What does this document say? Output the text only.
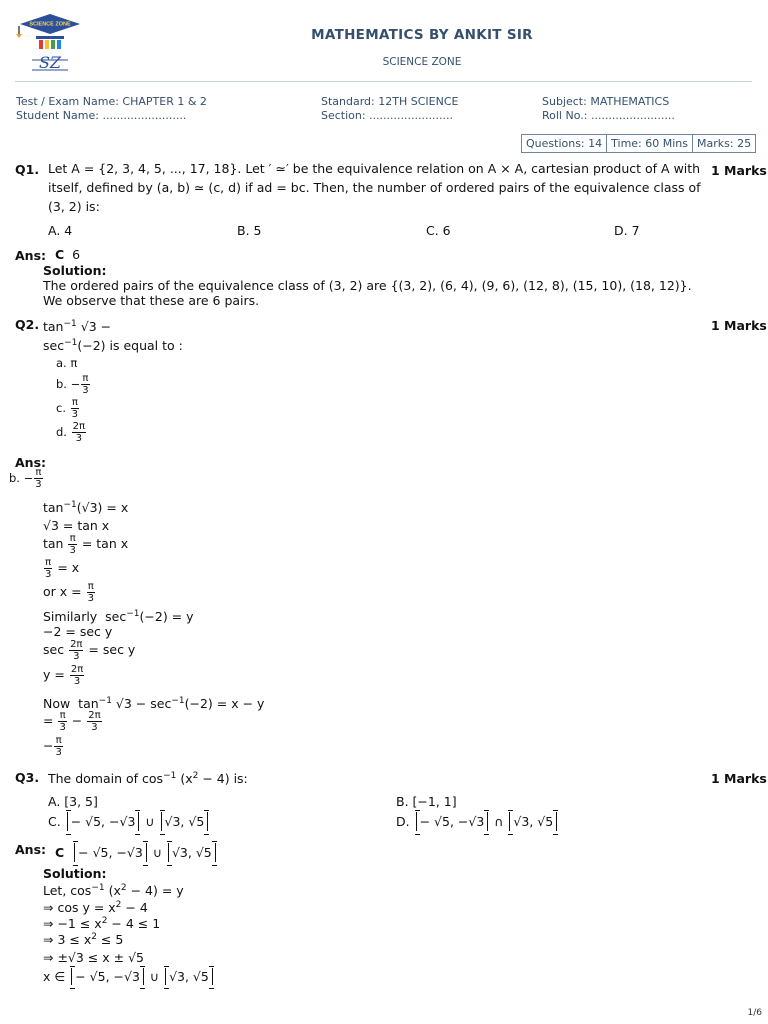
SCIENCE ZONE
SZ
MATHEMATICS BY ANKIT SIR
SCIENCE ZONE
Test / Exam Name: CHAPTER 1 & 2
Student Name: ........................
Standard: 12TH SCIENCE
Section: ........................
Subject: MATHEMATICS
Roll No.: ........................
Questions: 14 Time: 60 Mins Marks: 25
Q1. Let A = {2, 3, 4, 5, ..., 17, 18}. Let ′ ≃′ be the equivalence relation on A × A, cartesian product of A with itself, defined by (a, b) ≃ (c, d) if ad = bc. Then, the number of ordered pairs of the equivalence class of (3, 2) is:
1 Marks
A. 4	B. 5	C. 6	D. 7
Ans: C  6
Solution:
The ordered pairs of the equivalence class of (3, 2) are {(3, 2), (6, 4), (9, 6), (12, 8), (15, 10), (18, 12)}.
We observe that these are 6 pairs.
Q2. $\tan^{-1} √3$ −	1 Marks
$\sec^{-1}(-2)$ is equal to :
a. π
b. − $\frac{\pi}{3}$
c. $\frac{\pi}{3}$
d. $\frac{2\pi}{3}$
Ans:
b. − $\frac{\pi}{3}$
$\tan^{-1}(√3) = x$
√3 = tan x
$\tan \frac{\pi}{3} = \tan x$
$\frac{\pi}{3} = x$
or $x = \frac{\pi}{3}$
Similarly  $\sec^{-1}(-2) = y$
−2 = sec y
$\sec \frac{2\pi}{3} = \sec y$
$y = \frac{2\pi}{3}$
Now  $\tan^{-1} √3 - \sec^{-1}(-2) = x - y$
= $\frac{\pi}{3} - \frac{2\pi}{3}$
− $\frac{\pi}{3}$
Q3. The domain of $\cos^{-1} (x^2 - 4)$ is:	1 Marks
A. [3, 5]	B. [−1, 1]
C. − √5, −√3 ∪ √3, √5	D. − √5, −√3 ∩ √3, √5
Ans: C − √5, −√3 ∪ √3, √5
Solution:
Let, $\cos^{-1} (x^2 - 4) = y$
⇒ $\cos y = x^2 - 4$
⇒ $-1 \le x^2 - 4 \le 1$
⇒ $3 \le x^2 \le 5$
⇒ ±√3 ≤ x ± √5
x ∈ − √5, −√3 ∪ √3, √5
1/6
